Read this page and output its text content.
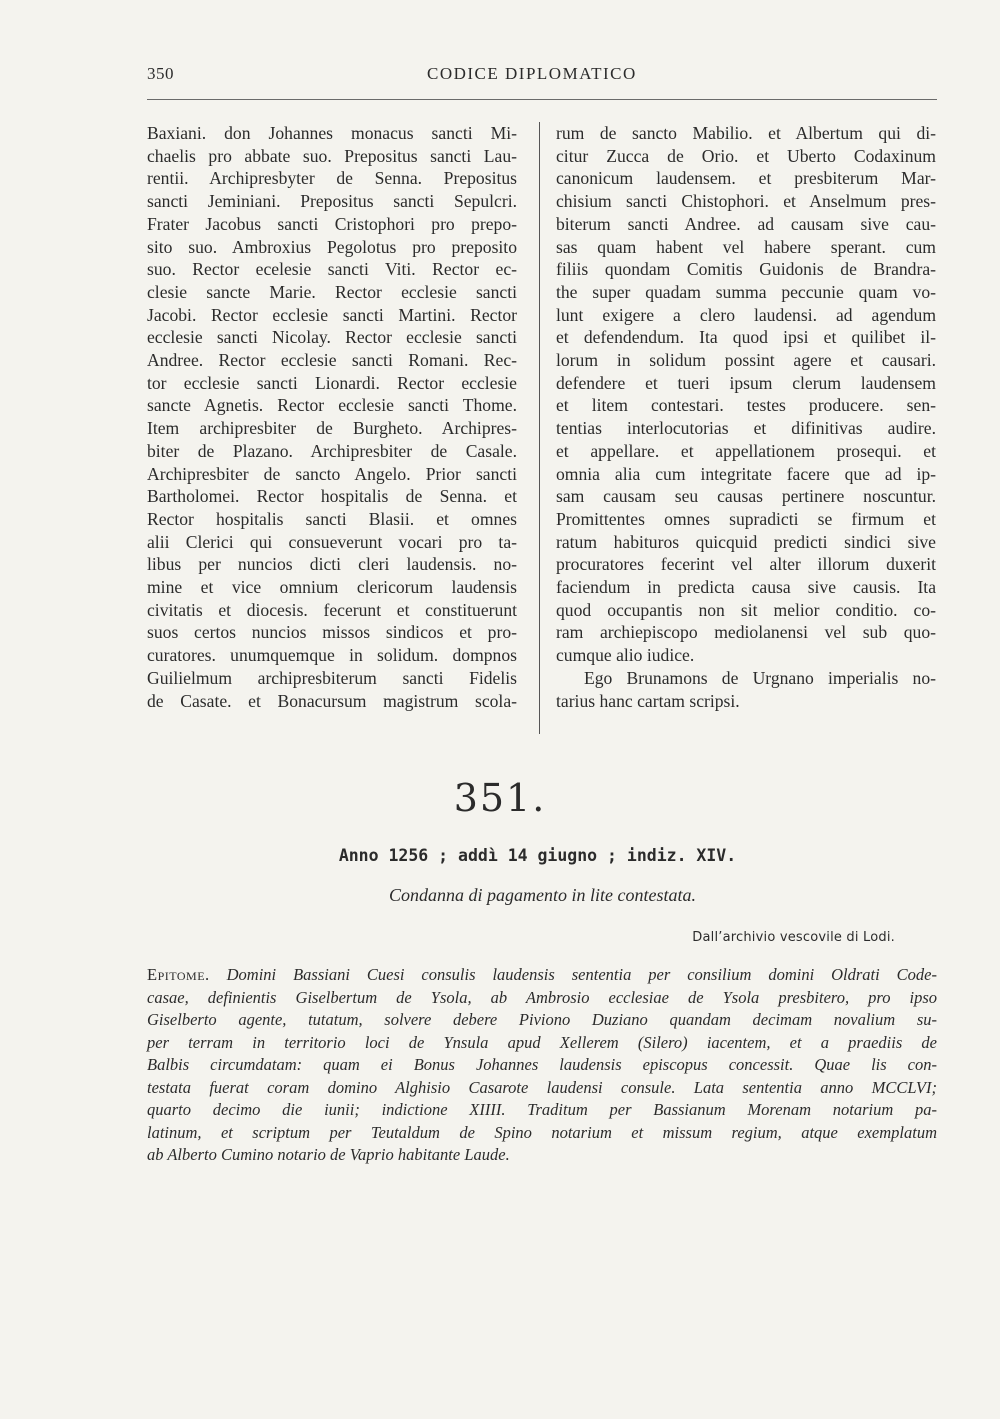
350	CODICE DIPLOMATICO
Baxiani. don Johannes monacus sancti Mi-
chaelis pro abbate suo. Prepositus sancti Lau-
rentii. Archipresbyter de Senna. Prepositus
sancti Jeminiani. Prepositus sancti Sepulcri.
Frater Jacobus sancti Cristophori pro prepo-
sito suo. Ambroxius Pegolotus pro preposito
suo. Rector ecelesie sancti Viti. Rector ec-
clesie sancte Marie. Rector ecclesie sancti
Jacobi. Rector ecclesie sancti Martini. Rector
ecclesie sancti Nicolay. Rector ecclesie sancti
Andree. Rector ecclesie sancti Romani. Rec-
tor ecclesie sancti Lionardi. Rector ecclesie
sancte Agnetis. Rector ecclesie sancti Thome.
Item archipresbiter de Burgheto. Archipres-
biter de Plazano. Archipresbiter de Casale.
Archipresbiter de sancto Angelo. Prior sancti
Bartholomei. Rector hospitalis de Senna. et
Rector hospitalis sancti Blasii. et omnes
alii Clerici qui consueverunt vocari pro ta-
libus per nuncios dicti cleri laudensis. no-
mine et vice omnium clericorum laudensis
civitatis et diocesis. fecerunt et constituerunt
suos certos nuncios missos sindicos et pro-
curatores. unumquemque in solidum. dompnos
Guilielmum archipresbiterum sancti Fidelis
de Casate. et Bonacursum magistrum scola-
rum de sancto Mabilio. et Albertum qui di-
citur Zucca de Orio. et Uberto Codaxinum
canonicum laudensem. et presbiterum Mar-
chisium sancti Chistophori. et Anselmum pres-
biterum sancti Andree. ad causam sive cau-
sas quam habent vel habere sperant. cum
filiis quondam Comitis Guidonis de Brandra-
the super quadam summa peccunie quam vo-
lunt exigere a clero laudensi. ad agendum
et defendendum. Ita quod ipsi et quilibet il-
lorum in solidum possint agere et causari.
defendere et tueri ipsum clerum laudensem
et litem contestari. testes producere. sen-
tentias interlocutorias et difinitivas audire.
et appellare. et appellationem prosequi. et
omnia alia cum integritate facere que ad ip-
sam causam seu causas pertinere noscuntur.
Promittentes omnes supradicti se firmum et
ratum habituros quicquid predicti sindici sive
procuratores fecerint vel alter illorum duxerit
faciendum in predicta causa sive causis. Ita
quod occupantis non sit melior conditio. co-
ram archiepiscopo mediolanensi vel sub quo-
cumque alio iudice.
Ego Brunamons de Urgnano imperialis no-
tarius hanc cartam scripsi.
351.
Anno 1256 ; addì 14 giugno ; indiz. XIV.
Condanna di pagamento in lite contestata.
Dall’archivio vescovile di Lodi.
Epitome. Domini Bassiani Cuesi consulis laudensis sententia per consilium domini Oldrati Code-
casae, definientis Giselbertum de Ysola, ab Ambrosio ecclesiae de Ysola presbitero, pro ipso
Giselberto agente, tutatum, solvere debere Piviono Duziano quandam decimam novalium su-
per terram in territorio loci de Ynsula apud Xellerem (Silero) iacentem, et a praediis de
Balbis circumdatam: quam ei Bonus Johannes laudensis episcopus concessit. Quae lis con-
testata fuerat coram domino Alghisio Casarote laudensi consule. Lata sententia anno MCCLVI;
quarto decimo die iunii; indictione XIIII. Traditum per Bassianum Morenam notarium pa-
latinum, et scriptum per Teutaldum de Spino notarium et missum regium, atque exemplatum
ab Alberto Cumino notario de Vaprio habitante Laude.
